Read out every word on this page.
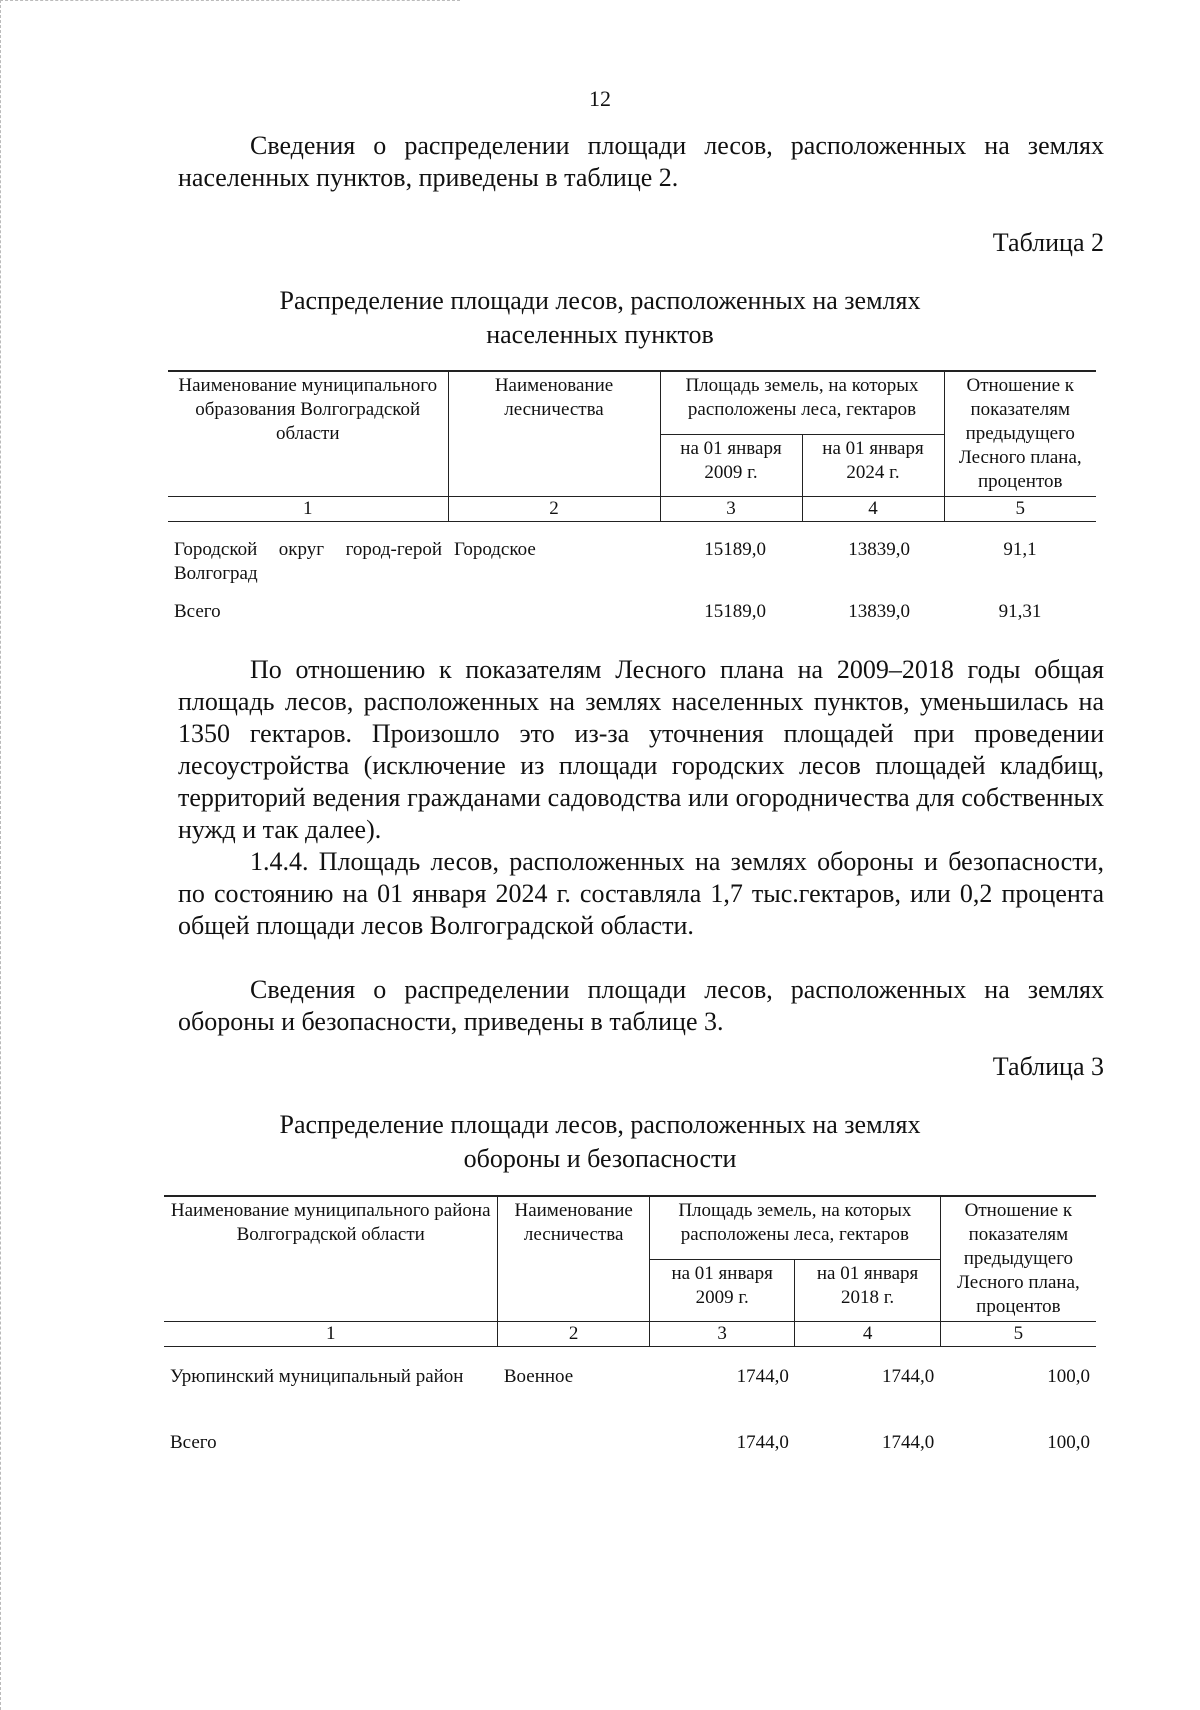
12

Сведения о распределении площади лесов, расположенных на землях населенных пунктов, приведены в таблице 2.

Таблица 2
Распределение площади лесов, расположенных на землях
населенных пунктов
Наименование муниципального образования Волгоградской области	Наименование лесничества	Площадь земель, на которых расположены леса, гектаров		Отношение к показателям предыдущего Лесного плана, процентов
		на 01 января 2009 г.	на 01 января 2024 г.	
1	2	3	4	5
Городской округ город-герой Волгоград	Городское	15189,0	13839,0	91,1
Всего		15189,0	13839,0	91,31

По отношению к показателям Лесного плана на 2009–2018 годы общая площадь лесов, расположенных на землях населенных пунктов, уменьшилась на 1350 гектаров. Произошло это из-за уточнения площадей при проведении лесоустройства (исключение из площади городских лесов площадей кладбищ, территорий ведения гражданами садоводства или огородничества для собственных нужд и так далее).

1.4.4. Площадь лесов, расположенных на землях обороны и безопасности, по состоянию на 01 января 2024 г. составляла 1,7 тыс.гектаров, или 0,2 процента общей площади лесов Волгоградской области.

Сведения о распределении площади лесов, расположенных на землях обороны и безопасности, приведены в таблице 3.

Таблица 3
Распределение площади лесов, расположенных на землях
обороны и безопасности
Наименование муниципального района Волгоградской области	Наименование лесничества	Площадь земель, на которых расположены леса, гектаров		Отношение к показателям предыдущего Лесного плана, процентов
		на 01 января 2009 г.	на 01 января 2018 г.	
1	2	3	4	5
Урюпинский муниципальный район	Военное	1744,0	1744,0	100,0
Всего		1744,0	1744,0	100,0
